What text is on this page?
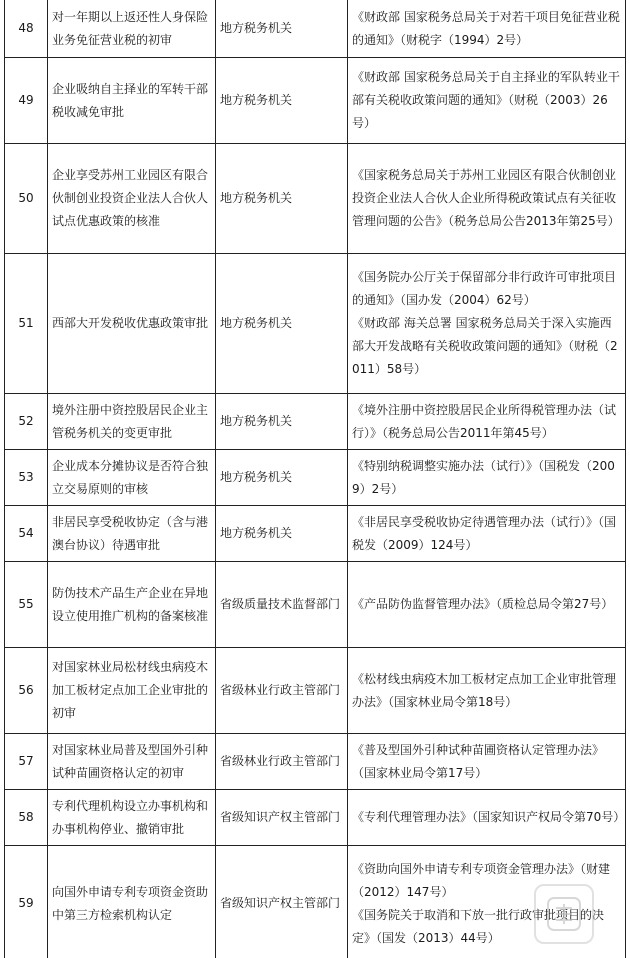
48	对一年期以上返还性人身保险业务免征营业税的初审	地方税务机关	《财政部 国家税务总局关于对若干项目免征营业税的通知》（财税字（1994）2号）

49	企业吸纳自主择业的军转干部税收减免审批	地方税务机关	《财政部 国家税务总局关于自主择业的军队转业干部有关税收政策问题的通知》（财税（2003）26号）

50	企业享受苏州工业园区有限合伙制创业投资企业法人合伙人试点优惠政策的核准	地方税务机关	《国家税务总局关于苏州工业园区有限合伙制创业投资企业法人合伙人企业所得税政策试点有关征收管理问题的公告》（税务总局公告2013年第25号）

51	西部大开发税收优惠政策审批	地方税务机关	《国务院办公厅关于保留部分非行政许可审批项目的通知》（国办发（2004）62号）
《财政部 海关总署 国家税务总局关于深入实施西部大开发战略有关税收政策问题的通知》（财税（2011）58号）

52	境外注册中资控股居民企业主管税务机关的变更审批	地方税务机关	《境外注册中资控股居民企业所得税管理办法（试行）》（税务总局公告2011年第45号）

53	企业成本分摊协议是否符合独立交易原则的审核	地方税务机关	《特别纳税调整实施办法（试行）》（国税发（2009）2号）

54	非居民享受税收协定（含与港澳台协议）待遇审批	地方税务机关	《非居民享受税收协定待遇管理办法（试行）》（国税发（2009）124号）

55	防伪技术产品生产企业在异地设立使用推广机构的备案核准	省级质量技术监督部门	《产品防伪监督管理办法》（质检总局令第27号）

56	对国家林业局松材线虫病疫木加工板材定点加工企业审批的初审	省级林业行政主管部门	《松材线虫病疫木加工板材定点加工企业审批管理办法》（国家林业局令第18号）

57	对国家林业局普及型国外引种试种苗圃资格认定的初审	省级林业行政主管部门	《普及型国外引种试种苗圃资格认定管理办法》（国家林业局令第17号）

58	专利代理机构设立办事机构和办事机构停业、撤销审批	省级知识产权主管部门	《专利代理管理办法》（国家知识产权局令第70号）

59	向国外申请专利专项资金资助中第三方检索机构认定	省级知识产权主管部门	《资助向国外申请专利专项资金管理办法》（财建（2012）147号）
《国务院关于取消和下放一批行政审批项目的决定》（国发（2013）44号）
